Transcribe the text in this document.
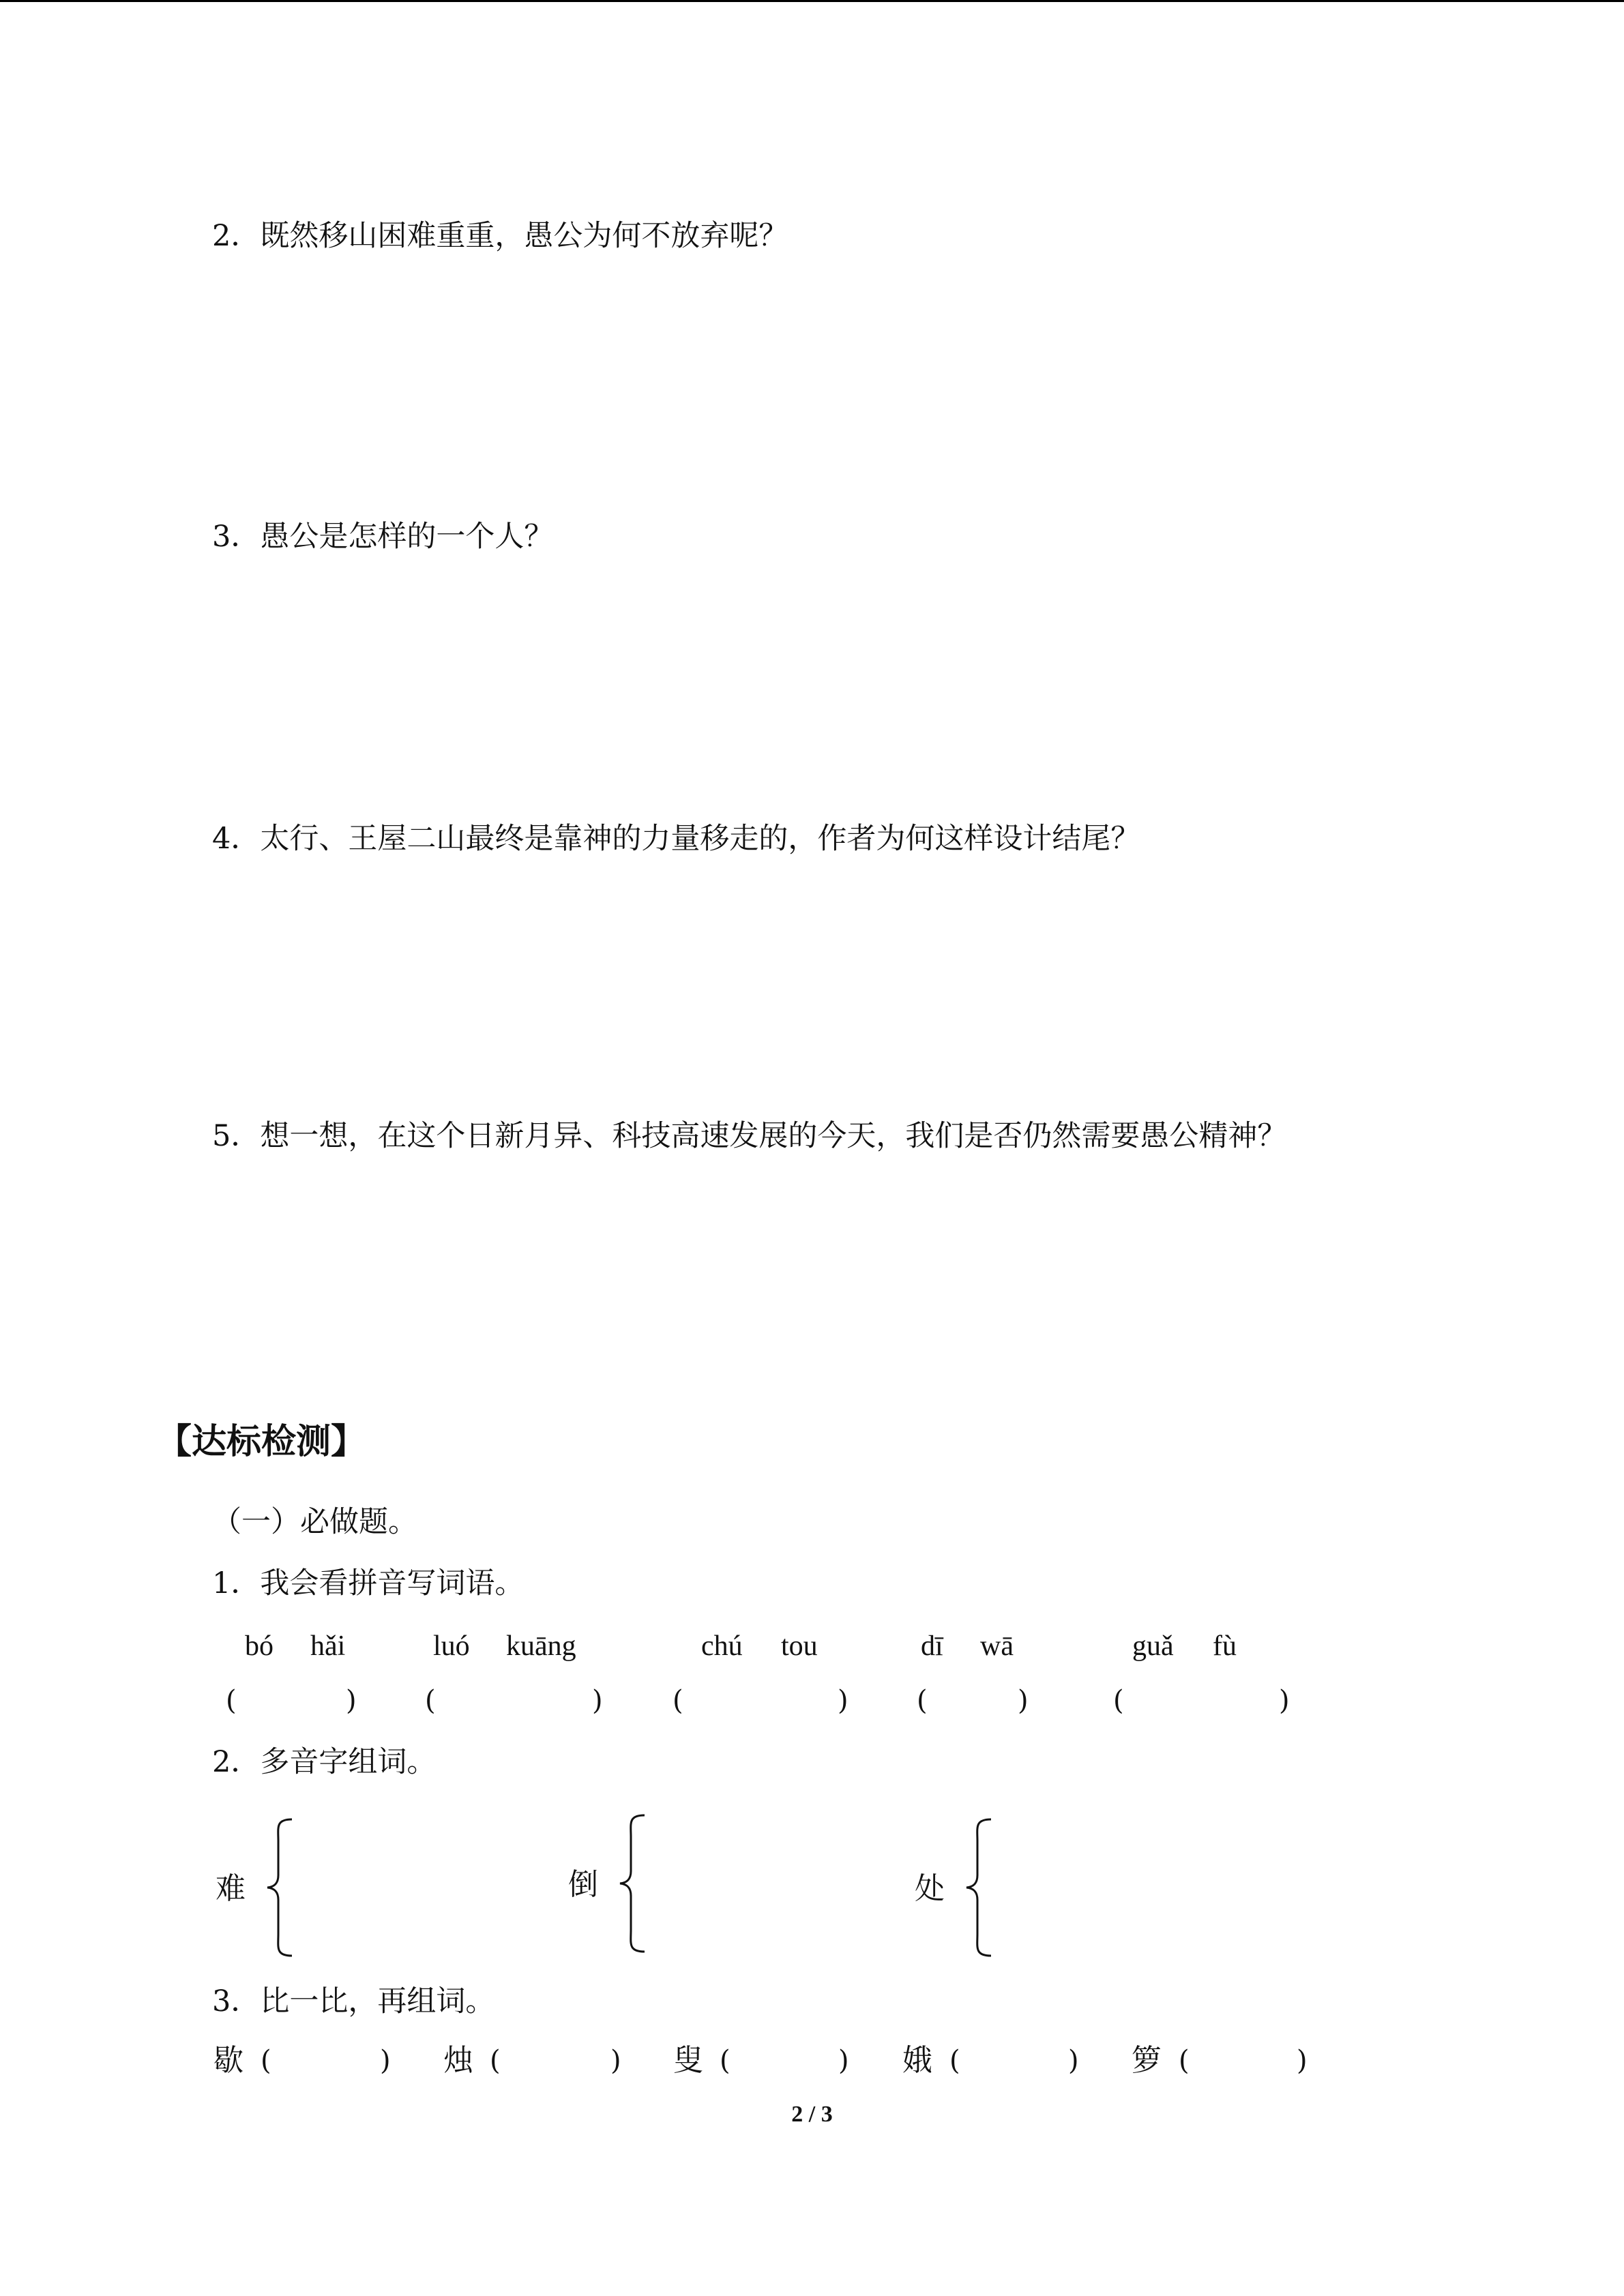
2．既然移山困难重重，愚公为何不放弃呢？
3．愚公是怎样的一个人？
4．太行、王屋二山最终是靠神的力量移走的，作者为何这样设计结尾？
5．想一想，在这个日新月异、科技高速发展的今天，我们是否仍然需要愚公精神？
【达标检测】
（一）必做题。
1．我会看拼音写词语。
bó hǎi	luó kuāng	chú tou	dī wā	guǎ fù
(	)	(	)	(	)	(	)	(	)
2．多音字组词。
难	倒	处
3．比一比，再组词。
歇 (	) 烛 (	) 叟 (	) 娥 (	) 箩 (	)
2 / 3
